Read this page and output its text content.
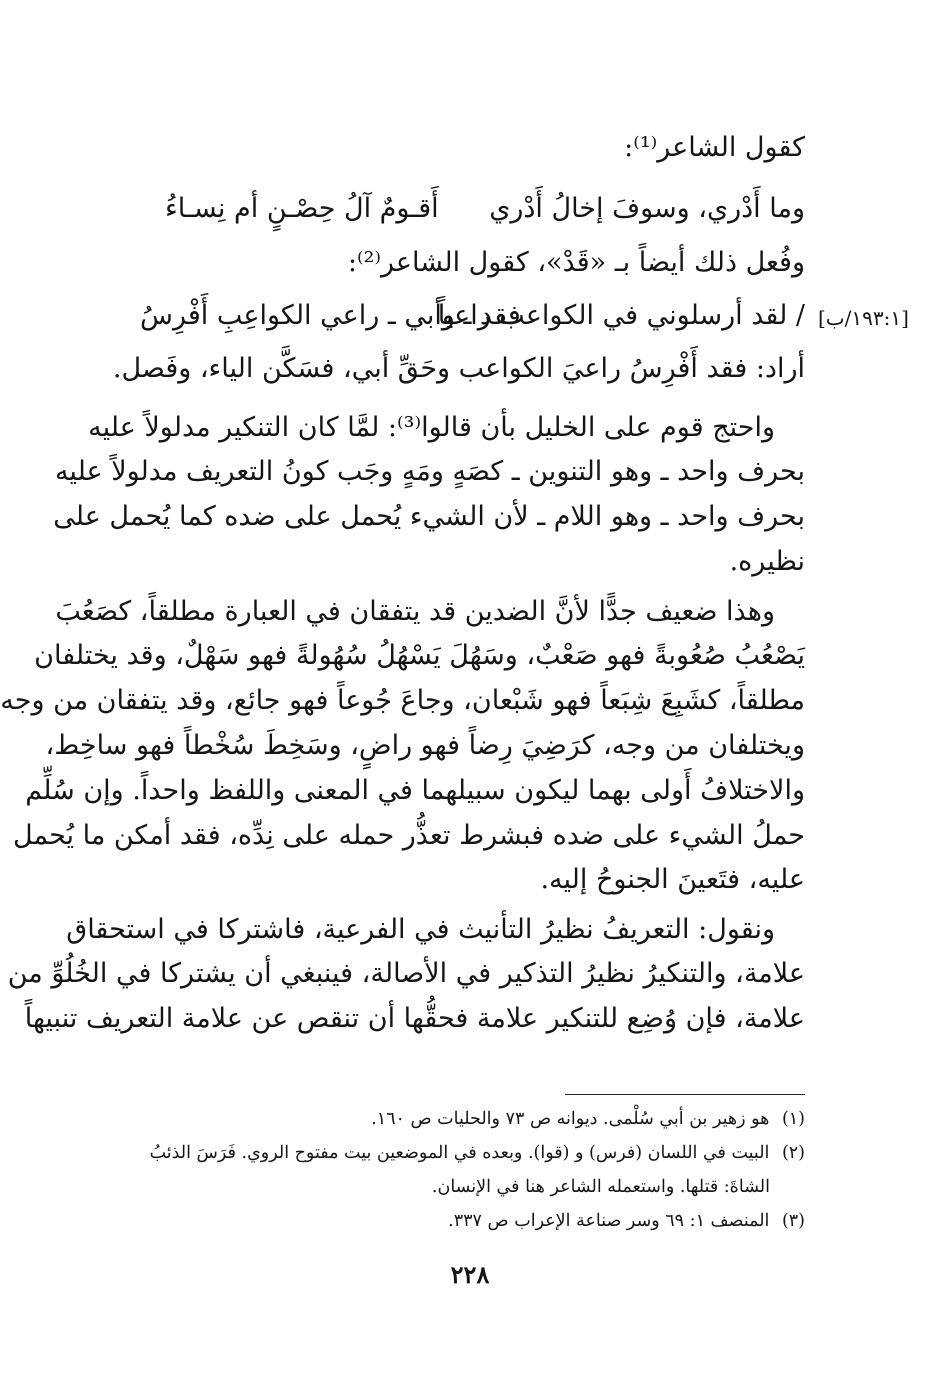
كقول الشاعر⁽¹⁾:
وما أَدْري، وسوفَ إخالُ أَدْري
أَقـومٌ آلُ حِصْـنٍ أم نِسـاءُ
وفُعل ذلك أيضاً بـ «قَدْ»، كقول الشاعر⁽²⁾:
[١٩٣:١/ب]
/ لقد أرسلوني في الكواعب راعياً
فقد ـ وأبي ـ راعي الكواعِبِ أَفْرِسُ
أراد: فقد أَفْرِسُ راعيَ الكواعب وحَقِّ أبي، فسَكَّن الياء، وفَصل.
واحتج قوم على الخليل بأن قالوا⁽³⁾: لمَّا كان التنكير مدلولاً عليه
بحرف واحد ـ وهو التنوين ـ كصَهٍ ومَهٍ وجَب كونُ التعريف مدلولاً عليه
بحرف واحد ـ وهو اللام ـ لأن الشيء يُحمل على ضده كما يُحمل على
نظيره.
وهذا ضعيف جدًّا لأنَّ الضدين قد يتفقان في العبارة مطلقاً، كصَعُبَ
يَصْعُبُ صُعُوبةً فهو صَعْبٌ، وسَهُلَ يَسْهُلُ سُهُولةً فهو سَهْلٌ، وقد يختلفان
مطلقاً، كشَبِعَ شِبَعاً فهو شَبْعان، وجاعَ جُوعاً فهو جائع، وقد يتفقان من وجه
ويختلفان من وجه، كرَضِيَ رِضاً فهو راضٍ، وسَخِطَ سُخْطاً فهو ساخِط،
والاختلافُ أَولى بهما ليكون سبيلهما في المعنى واللفظ واحداً. وإن سُلِّم
حملُ الشيء على ضده فبشرط تعذُّر حمله على نِدِّه، فقد أمكن ما يُحمل
عليه، فتَعينَ الجنوحُ إليه.
ونقول: التعريفُ نظيرُ التأنيث في الفرعية، فاشتركا في استحقاق
علامة، والتنكيرُ نظيرُ التذكير في الأصالة، فينبغي أن يشتركا في الخُلُوِّ من
علامة، فإن وُضِع للتنكير علامة فحقُّها أن تنقص عن علامة التعريف تنبيهاً
(١) هو زهير بن أبي سُلْمى. ديوانه ص ٧٣ والحليات ص ١٦٠.
(٢) البيت في اللسان (فرس) و (قوا). وبعده في الموضعين بيت مفتوح الروي. فَرَسَ الذئبُ
الشاةَ: قتلها. واستعمله الشاعر هنا في الإنسان.
(٣) المنصف ١: ٦٩ وسر صناعة الإعراب ص ٣٣٧.
٢٢٨
